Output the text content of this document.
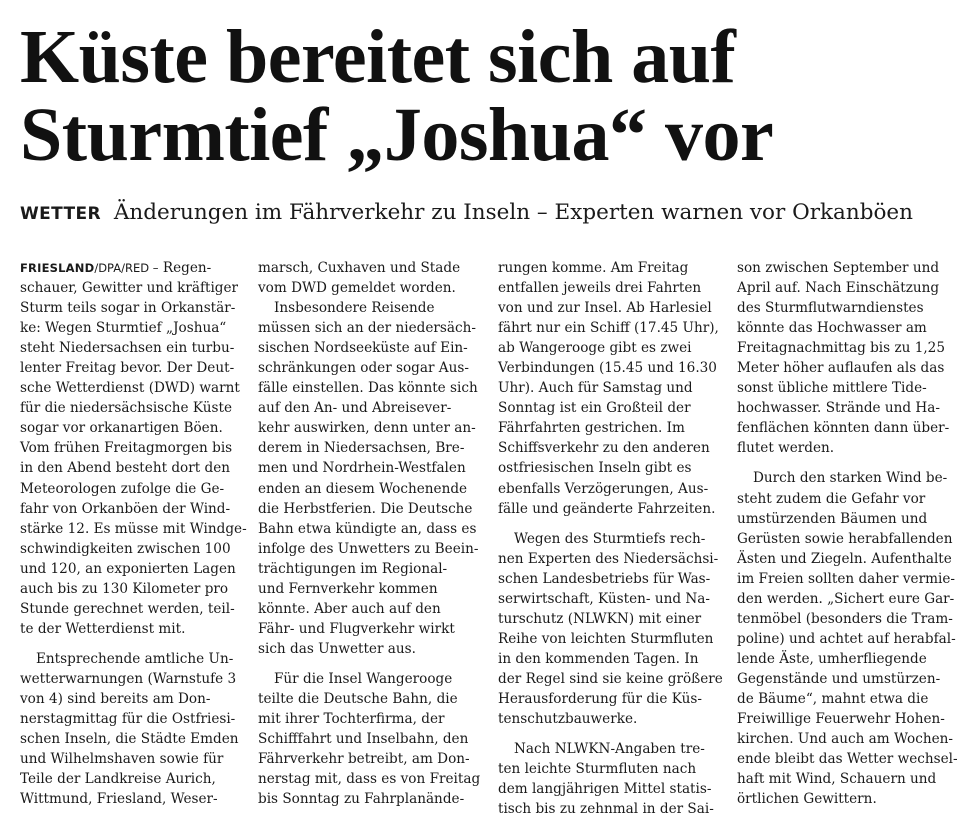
Küste bereitet sich auf
Sturmtief „Joshua“ vor
WETTER Änderungen im Fährverkehr zu Inseln – Experten warnen vor Orkanböen
FRIESLAND/DPA/RED – Regen-
schauer, Gewitter und kräftiger
Sturm teils sogar in Orkanstär-
ke: Wegen Sturmtief „Joshua“
steht Niedersachsen ein turbu-
lenter Freitag bevor. Der Deut-
sche Wetterdienst (DWD) warnt
für die niedersächsische Küste
sogar vor orkanartigen Böen.
Vom frühen Freitagmorgen bis
in den Abend besteht dort den
Meteorologen zufolge die Ge-
fahr von Orkanböen der Wind-
stärke 12. Es müsse mit Windge-
schwindigkeiten zwischen 100
und 120, an exponierten Lagen
auch bis zu 130 Kilometer pro
Stunde gerechnet werden, teil-
te der Wetterdienst mit.
Entsprechende amtliche Un-
wetterwarnungen (Warnstufe 3
von 4) sind bereits am Don-
nerstagmittag für die Ostfriesi-
schen Inseln, die Städte Emden
und Wilhelmshaven sowie für
Teile der Landkreise Aurich,
Wittmund, Friesland, Weser-
marsch, Cuxhaven und Stade
vom DWD gemeldet worden.
Insbesondere Reisende
müssen sich an der niedersäch-
sischen Nordseeküste auf Ein-
schränkungen oder sogar Aus-
fälle einstellen. Das könnte sich
auf den An- und Abreisever-
kehr auswirken, denn unter an-
derem in Niedersachsen, Bre-
men und Nordrhein-Westfalen
enden an diesem Wochenende
die Herbstferien. Die Deutsche
Bahn etwa kündigte an, dass es
infolge des Unwetters zu Beein-
trächtigungen im Regional-
und Fernverkehr kommen
könnte. Aber auch auf den
Fähr- und Flugverkehr wirkt
sich das Unwetter aus.
Für die Insel Wangerooge
teilte die Deutsche Bahn, die
mit ihrer Tochterfirma, der
Schifffahrt und Inselbahn, den
Fährverkehr betreibt, am Don-
nerstag mit, dass es von Freitag
bis Sonntag zu Fahrplanände-
rungen komme. Am Freitag
entfallen jeweils drei Fahrten
von und zur Insel. Ab Harlesiel
fährt nur ein Schiff (17.45 Uhr),
ab Wangerooge gibt es zwei
Verbindungen (15.45 und 16.30
Uhr). Auch für Samstag und
Sonntag ist ein Großteil der
Fährfahrten gestrichen. Im
Schiffsverkehr zu den anderen
ostfriesischen Inseln gibt es
ebenfalls Verzögerungen, Aus-
fälle und geänderte Fahrzeiten.
Wegen des Sturmtiefs rech-
nen Experten des Niedersächsi-
schen Landesbetriebs für Was-
serwirtschaft, Küsten- und Na-
turschutz (NLWKN) mit einer
Reihe von leichten Sturmfluten
in den kommenden Tagen. In
der Regel sind sie keine größere
Herausforderung für die Küs-
tenschutzbauwerke.
Nach NLWKN-Angaben tre-
ten leichte Sturmfluten nach
dem langjährigen Mittel statis-
tisch bis zu zehnmal in der Sai-
son zwischen September und
April auf. Nach Einschätzung
des Sturmflutwarndienstes
könnte das Hochwasser am
Freitagnachmittag bis zu 1,25
Meter höher auflaufen als das
sonst übliche mittlere Tide-
hochwasser. Strände und Ha-
fenflächen könnten dann über-
flutet werden.
Durch den starken Wind be-
steht zudem die Gefahr vor
umstürzenden Bäumen und
Gerüsten sowie herabfallenden
Ästen und Ziegeln. Aufenthalte
im Freien sollten daher vermie-
den werden. „Sichert eure Gar-
tenmöbel (besonders die Tram-
poline) und achtet auf herabfal-
lende Äste, umherfliegende
Gegenstände und umstürzen-
de Bäume“, mahnt etwa die
Freiwillige Feuerwehr Hohen-
kirchen. Und auch am Wochen-
ende bleibt das Wetter wechsel-
haft mit Wind, Schauern und
örtlichen Gewittern.
